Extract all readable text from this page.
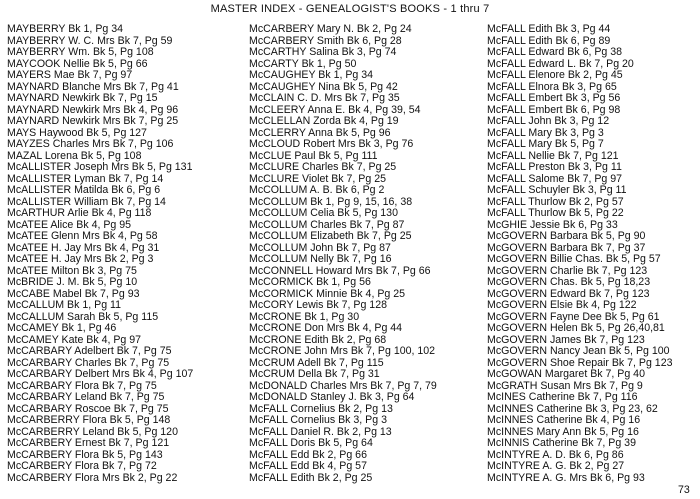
MASTER INDEX - GENEALOGIST'S BOOKS - 1 thru 7
MAYBERRY Bk 1, Pg 34
MAYBERRY W. C. Mrs Bk 7, Pg 59
MAYBERRY Wm. Bk 5, Pg 108
MAYCOOK Nellie Bk 5, Pg 66
MAYERS Mae Bk 7, Pg 97
MAYNARD Blanche Mrs Bk 7, Pg 41
MAYNARD Newkirk Bk 7, Pg 15
MAYNARD Newkirk Mrs Bk 4, Pg 96
MAYNARD Newkirk Mrs Bk 7, Pg 25
MAYS Haywood Bk 5, Pg 127
MAYZES Charles Mrs Bk 7, Pg 106
MAZAL Lorena Bk 5, Pg 108
McALLISTER Joseph Mrs Bk 5, Pg 131
McALLISTER Lyman Bk 7, Pg 14
McALLISTER Matilda Bk 6, Pg 6
McALLISTER William Bk 7, Pg 14
McARTHUR Arlie Bk 4, Pg 118
McATEE Alice Bk 4, Pg 95
McATEE Glenn Mrs Bk 4, Pg 58
McATEE H. Jay Mrs Bk 4, Pg 31
McATEE H. Jay Mrs Bk 2, Pg 3
McATEE Milton Bk 3, Pg 75
McBRIDE J. M. Bk 5, Pg 10
McCABE Mabel Bk 7, Pg 93
McCALLUM Bk 1, Pg 11
McCALLUM Sarah Bk 5, Pg 115
McCAMEY Bk 1, Pg 46
McCAMEY Kate Bk 4, Pg 97
McCARBARY Adelbert Bk 7, Pg 75
McCARBARY Charles Bk 7, Pg 75
McCARBARY Delbert Mrs Bk 4, Pg 107
McCARBARY Flora Bk 7, Pg 75
McCARBARY Leland Bk 7, Pg 75
McCARBARY Roscoe Bk 7, Pg 75
McCARBERRY Flora Bk 5, Pg 148
McCARBERRY Leland Bk 5, Pg 120
McCARBERY Ernest Bk 7, Pg 121
McCARBERY Flora Bk 5, Pg 143
McCARBERY Flora Bk 7, Pg 72
McCARBERY Flora Mrs Bk 2, Pg 22
McCARBERY Mary N. Bk 2, Pg 24
McCARBERY Smith Bk 6, Pg 28
McCARTHY Salina Bk 3, Pg 74
McCARTY Bk 1, Pg 50
McCAUGHEY Bk 1, Pg 34
McCAUGHEY Nina Bk 5, Pg 42
McCLAIN C. D. Mrs Bk 7, Pg 35
McCLEERY Anna E. Bk 4, Pg 39, 54
McCLELLAN Zorda Bk 4, Pg 19
McCLERRY Anna Bk 5, Pg 96
McCLOUD Robert Mrs Bk 3, Pg 76
McCLUE Paul Bk 5, Pg 111
McCLURE Charles Bk 7, Pg 25
McCLURE Violet Bk 7, Pg 25
McCOLLUM A. B. Bk 6, Pg 2
McCOLLUM Bk 1, Pg 9, 15, 16, 38
McCOLLUM Celia Bk 5, Pg 130
McCOLLUM Charles Bk 7, Pg 87
McCOLLUM Elizabeth Bk 7, Pg 25
McCOLLUM John Bk 7, Pg 87
McCOLLUM Nelly Bk 7, Pg 16
McCONNELL Howard Mrs Bk 7, Pg 66
McCORMICK Bk 1, Pg 56
McCORMICK Minnie Bk 4, Pg 25
McCORY Lewis Bk 7, Pg 128
McCRONE Bk 1, Pg 30
McCRONE Don Mrs Bk 4, Pg 44
McCRONE Edith Bk 2, Pg 68
McCRONE John Mrs Bk 7, Pg 100, 102
McCRUM Adell Bk 7, Pg 115
McCRUM Della Bk 7, Pg 31
McDONALD Charles Mrs Bk 7, Pg 7, 79
McDONALD Stanley J. Bk 3, Pg 64
McFALL Cornelius Bk 2, Pg 13
McFALL Cornelius Bk 3, Pg 3
McFALL Daniel R. Bk 2, Pg 13
McFALL Doris Bk 5, Pg 64
McFALL Edd Bk 2, Pg 66
McFALL Edd Bk 4, Pg 57
McFALL Edith Bk 2, Pg 25
McFALL Edith Bk 3, Pg 44
McFALL Edith Bk 6, Pg 89
McFALL Edward Bk 6, Pg 38
McFALL Edward L. Bk 7, Pg 20
McFALL Elenore Bk 2, Pg 45
McFALL Elnora Bk 3, Pg 65
McFALL Embert Bk 3, Pg 56
McFALL Embert Bk 6, Pg 98
McFALL John Bk 3, Pg 12
McFALL Mary Bk 3, Pg 3
McFALL Mary Bk 5, Pg 7
McFALL Nellie Bk 7, Pg 121
McFALL Preston Bk 3, Pg 11
McFALL Salome Bk 7, Pg 97
McFALL Schuyler Bk 3, Pg 11
McFALL Thurlow Bk 2, Pg 57
McFALL Thurlow Bk 5, Pg 22
McGHIE Jessie Bk 6, Pg 33
McGOVERN Barbara Bk 5, Pg 90
McGOVERN Barbara Bk 7, Pg 37
McGOVERN Billie Chas. Bk 5, Pg 57
McGOVERN Charlie Bk 7, Pg 123
McGOVERN Chas. Bk 5, Pg 18,23
McGOVERN Edward Bk 7, Pg 123
McGOVERN Elsie Bk 4, Pg 122
McGOVERN Fayne Dee Bk 5, Pg 61
McGOVERN Helen Bk 5, Pg 26,40,81
McGOVERN James Bk 7, Pg 123
McGOVERN Nancy Jean Bk 5, Pg 100
McGOVERN Shoe Repair Bk 7, Pg 123
McGOWAN Margaret Bk 7, Pg 40
McGRATH Susan Mrs Bk 7, Pg 9
McINES Catherine Bk 7, Pg 116
McINNES Catherine Bk 3, Pg 23, 62
McINNES Catherine Bk 4, Pg 16
McINNES Mary Ann Bk 5, Pg 16
McINNIS Catherine Bk 7, Pg 39
McINTYRE A. D. Bk 6, Pg 86
McINTYRE A. G. Bk 2, Pg 27
McINTYRE A. G. Mrs Bk 6, Pg 93
73
